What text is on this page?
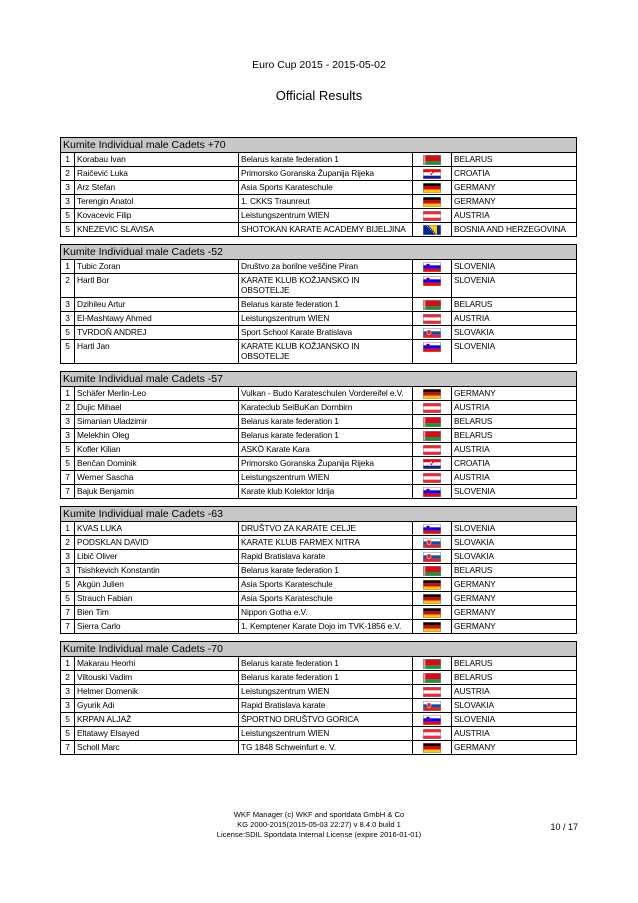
Euro Cup 2015 - 2015-05-02
Official Results
Kumite Individual male Cadets +70
1	Korabau Ivan	Belarus karate federation 1		BELARUS
2	Raičević Luka	Primorsko Goranska Županija Rijeka		CROATIA
3	Arz Stefan	Asia Sports Karateschule		GERMANY
3	Terengin Anatol	1. CKKS Traunreut		GERMANY
5	Kovacevic Filip	Leistungszentrum WIEN		AUSTRIA
5	KNEZEVIC SLAVISA	SHOTOKAN KARATE ACADEMY BIJELJINA		BOSNIA AND HERZEGOVINA
Kumite Individual male Cadets -52
1	Tubic Zoran	Društvo za borilne veščine Piran		SLOVENIA
2	Hartl Bor	KARATE KLUB KOŽJANSKO IN OBSOTELJE		SLOVENIA
3	Dzihileu Artur	Belarus karate federation 1		BELARUS
3	El-Mashtawy Ahmed	Leistungszentrum WIEN		AUSTRIA
5	TVRDOŇ ANDREJ	Sport School Karate Bratislava		SLOVAKIA
5	Hartl Jan	KARATE KLUB KOŽJANSKO IN OBSOTELJE		SLOVENIA
Kumite Individual male Cadets -57
1	Schäfer Merlin-Leo	Vulkan - Budo Karateschulen Vordereifel e.V.		GERMANY
2	Dujic Mihael	Karateclub SeiBuKan Dornbirn		AUSTRIA
3	Simanian Uladzimir	Belarus karate federation 1		BELARUS
3	Melekhin Oleg	Belarus karate federation 1		BELARUS
5	Kofler Kilian	ASKÖ Karate Kara		AUSTRIA
5	Benčan Dominik	Primorsko Goranska Županija Rijeka		CROATIA
7	Werner Sascha	Leistungszentrum WIEN		AUSTRIA
7	Bajuk Benjamin	Karate klub Kolektor Idrija		SLOVENIA
Kumite Individual male Cadets -63
1	KVAS LUKA	DRUŠTVO ZA KARATE CELJE		SLOVENIA
2	PODSKLAN DAVID	KARATE KLUB FARMEX NITRA		SLOVAKIA
3	Libič Oliver	Rapid Bratislava karate		SLOVAKIA
3	Tsishkevich Konstantin	Belarus karate federation 1		BELARUS
5	Akgün Julien	Asia Sports Karateschule		GERMANY
5	Strauch Fabian	Asia Sports Karateschule		GERMANY
7	Bien Tim	Nippon Gotha e.V.		GERMANY
7	Sierra Carlo	1. Kemptener Karate Dojo im TVK-1856 e.V.		GERMANY
Kumite Individual male Cadets -70
1	Makarau Heorhi	Belarus karate federation 1		BELARUS
2	Viltouski Vadim	Belarus karate federation 1		BELARUS
3	Helmer Domenik	Leistungszentrum WIEN		AUSTRIA
3	Gyurik Adi	Rapid Bratislava karate		SLOVAKIA
5	KRPAN ALJAŽ	ŠPORTNO DRUŠTVO GORICA		SLOVENIA
5	Eltatawy Elsayed	Leistungszentrum WIEN		AUSTRIA
7	Scholl Marc	TG 1848 Schweinfurt e. V.		GERMANY
WKF Manager (c) WKF and sportdata GmbH & Co
KG 2000-2015(2015-05-03 22:27) v 8.4.0 build 1
License:SDIL Sportdata Internal License (expire 2016-01-01)
10 / 17
